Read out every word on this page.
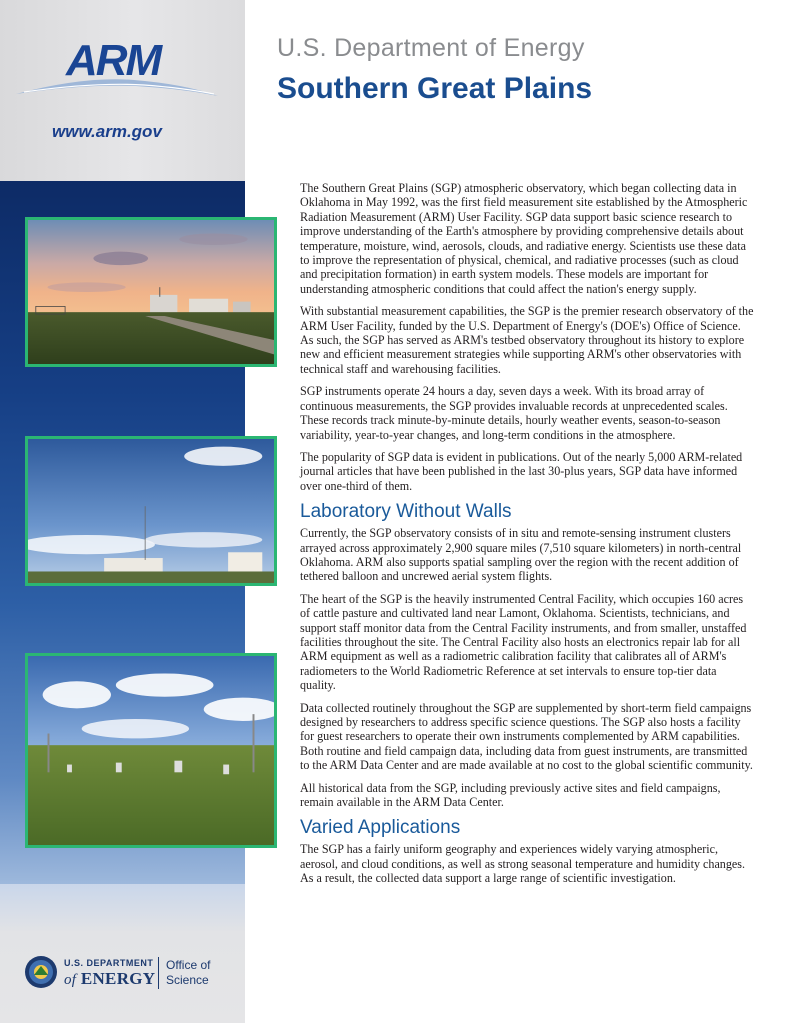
ARM
www.arm.gov
U.S. DEPARTMENT
of ENERGY
Office of
Science
U.S. Department of Energy
Southern Great Plains

The Southern Great Plains (SGP) atmospheric observatory, which began collecting data in Oklahoma in May 1992, was the first field measurement site established by the Atmospheric Radiation Measurement (ARM) User Facility. SGP data support basic science research to improve understanding of the Earth's atmosphere by providing comprehensive details about temperature, moisture, wind, aerosols, clouds, and radiative energy. Scientists use these data to improve the representation of physical, chemical, and radiative processes (such as cloud and precipitation formation) in earth system models. These models are important for understanding atmospheric conditions that could affect the nation's energy supply.

With substantial measurement capabilities, the SGP is the premier research observatory of the ARM User Facility, funded by the U.S. Department of Energy's (DOE's) Office of Science. As such, the SGP has served as ARM's testbed observatory throughout its history to explore new and efficient measurement strategies while supporting ARM's other observatories with technical staff and warehousing facilities.

SGP instruments operate 24 hours a day, seven days a week. With its broad array of continuous measurements, the SGP provides invaluable records at unprecedented scales. These records track minute-by-minute details, hourly weather events, season-to-season variability, year-to-year changes, and long-term conditions in the atmosphere.

The popularity of SGP data is evident in publications. Out of the nearly 5,000 ARM-related journal articles that have been published in the last 30-plus years, SGP data have informed over one-third of them.

Laboratory Without Walls

Currently, the SGP observatory consists of in situ and remote-sensing instrument clusters arrayed across approximately 2,900 square miles (7,510 square kilometers) in north-central Oklahoma. ARM also supports spatial sampling over the region with the recent addition of tethered balloon and uncrewed aerial system flights.

The heart of the SGP is the heavily instrumented Central Facility, which occupies 160 acres of cattle pasture and cultivated land near Lamont, Oklahoma. Scientists, technicians, and support staff monitor data from the Central Facility instruments, and from smaller, unstaffed facilities throughout the site. The Central Facility also hosts an electronics repair lab for all ARM equipment as well as a radiometric calibration facility that calibrates all of ARM's radiometers to the World Radiometric Reference at set intervals to ensure top-tier data quality.

Data collected routinely throughout the SGP are supplemented by short-term field campaigns designed by researchers to address specific science questions. The SGP also hosts a facility for guest researchers to operate their own instruments complemented by ARM capabilities. Both routine and field campaign data, including data from guest instruments, are transmitted to the ARM Data Center and are made available at no cost to the global scientific community.

All historical data from the SGP, including previously active sites and field campaigns, remain available in the ARM Data Center.

Varied Applications

The SGP has a fairly uniform geography and experiences widely varying atmospheric, aerosol, and cloud conditions, as well as strong seasonal temperature and humidity changes. As a result, the collected data support a large range of scientific investigation.
